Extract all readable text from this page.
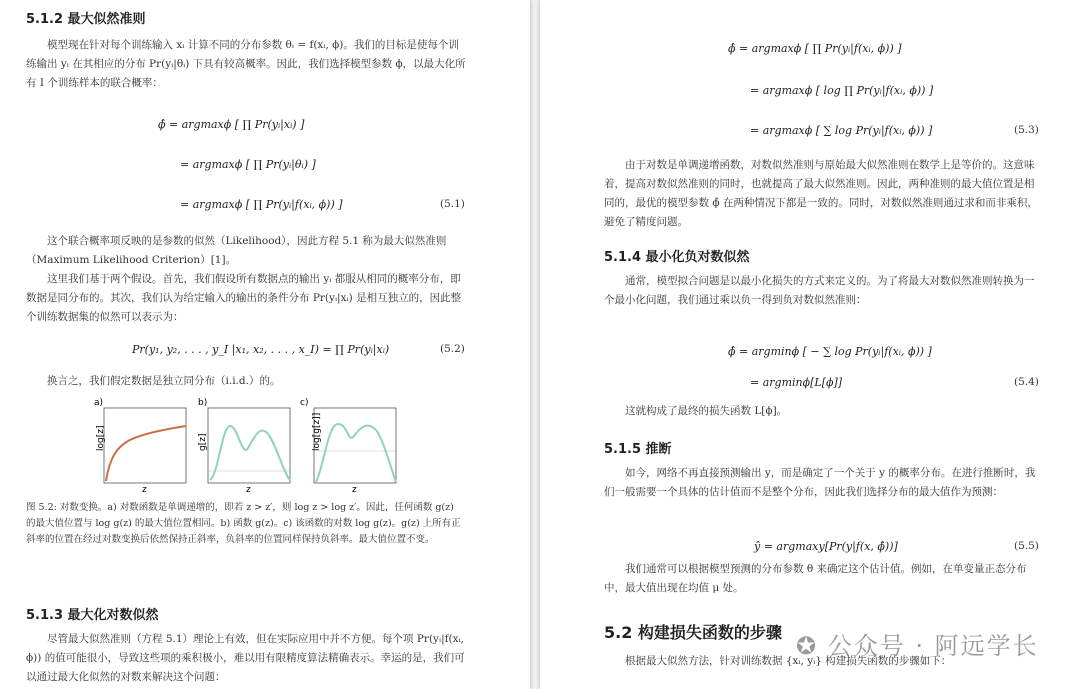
5.1.2 最大似然准则
模型现在针对每个训练输入 xᵢ 计算不同的分布参数 θᵢ = f(xᵢ, ϕ)。我们的目标是使每个训练输出 yᵢ 在其相应的分布 Pr(yᵢ|θᵢ) 下具有较高概率。因此，我们选择模型参数 ϕ，以最大化所有 I 个训练样本的联合概率：
ϕ̂ = argmaxϕ [ ∏ Pr(yᵢ|xᵢ) ]
= argmaxϕ [ ∏ Pr(yᵢ|θᵢ) ]
= argmaxϕ [ ∏ Pr(yᵢ|f(xᵢ, ϕ)) ]	(5.1)
这个联合概率项反映的是参数的似然（Likelihood），因此方程 5.1 称为最大似然准则（Maximum Likelihood Criterion）[1]。
这里我们基于两个假设。首先，我们假设所有数据点的输出 yᵢ 都服从相同的概率分布，即数据是同分布的。其次，我们认为给定输入的输出的条件分布 Pr(yᵢ|xᵢ) 是相互独立的，因此整个训练数据集的似然可以表示为：
Pr(y₁, y₂, . . . , y_I |x₁, x₂, . . . , x_I) = ∏ Pr(yᵢ|xᵢ)	(5.2)
换言之，我们假定数据是独立同分布（i.i.d.）的。
a)
log[z]
z
b)
g[z]
z
c)
log[g[z]]
z
图 5.2: 对数变换。a) 对数函数是单调递增的，即若 z > z′，则 log z > log z′。因此，任何函数 g(z) 的最大值位置与 log g(z) 的最大值位置相同。b) 函数 g(z)。c) 该函数的对数 log g(z)。g(z) 上所有正斜率的位置在经过对数变换后依然保持正斜率，负斜率的位置同样保持负斜率。最大值位置不变。
5.1.3 最大化对数似然
尽管最大似然准则（方程 5.1）理论上有效，但在实际应用中并不方便。每个项 Pr(yᵢ|f(xᵢ, ϕ)) 的值可能很小，导致这些项的乘积极小，难以用有限精度算法精确表示。幸运的是，我们可以通过最大化似然的对数来解决这个问题：
ϕ̂ = argmaxϕ [ ∏ Pr(yᵢ|f(xᵢ, ϕ)) ]
= argmaxϕ [ log ∏ Pr(yᵢ|f(xᵢ, ϕ)) ]
= argmaxϕ [ ∑ log Pr(yᵢ|f(xᵢ, ϕ)) ]	(5.3)
由于对数是单调递增函数，对数似然准则与原始最大似然准则在数学上是等价的。这意味着，提高对数似然准则的同时，也就提高了最大似然准则。因此，两种准则的最大值位置是相同的，最优的模型参数 ϕ̂ 在两种情况下都是一致的。同时，对数似然准则通过求和而非乘积，避免了精度问题。
5.1.4 最小化负对数似然
通常，模型拟合问题是以最小化损失的方式来定义的。为了将最大对数似然准则转换为一个最小化问题，我们通过乘以负一得到负对数似然准则：
ϕ̂ = argminϕ [ − ∑ log Pr(yᵢ|f(xᵢ, ϕ)) ]
= argminϕ[L[ϕ]]	(5.4)
这就构成了最终的损失函数 L[ϕ]。
5.1.5 推断
如今，网络不再直接预测输出 y，而是确定了一个关于 y 的概率分布。在进行推断时，我们一般需要一个具体的估计值而不是整个分布，因此我们选择分布的最大值作为预测：
ŷ = argmaxy[Pr(y|f(x, ϕ̂))]	(5.5)
我们通常可以根据模型预测的分布参数 θ 来确定这个估计值。例如，在单变量正态分布中，最大值出现在均值 μ 处。
5.2 构建损失函数的步骤
根据最大似然方法，针对训练数据 {xᵢ, yᵢ} 构建损失函数的步骤如下：
✪ 公众号 · 阿远学长
